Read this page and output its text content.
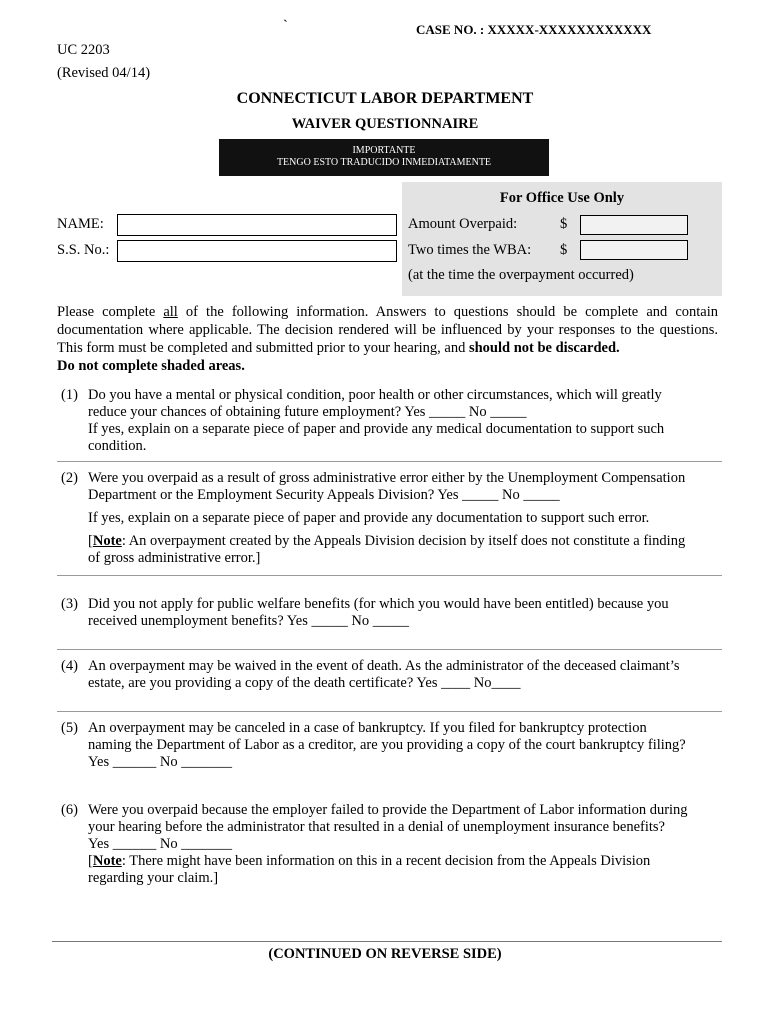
`	CASE NO. : XXXXX-XXXXXXXXXXXX
UC 2203
(Revised 04/14)
CONNECTICUT LABOR DEPARTMENT
WAIVER QUESTIONNAIRE
IMPORTANTE
TENGO ESTO TRADUCIDO INMEDIATAMENTE
For Office Use Only
Amount Overpaid:	$
Two times the WBA: $
(at the time the overpayment occurred)
NAME:
S.S. No.:
Please complete all of the following information. Answers to questions should be complete and contain documentation where applicable. The decision rendered will be influenced by your responses to the questions. This form must be completed and submitted prior to your hearing, and should not be discarded.
Do not complete shaded areas.
(1) Do you have a mental or physical condition, poor health or other circumstances, which will greatly
reduce your chances of obtaining future employment? Yes _____ No _____
If yes, explain on a separate piece of paper and provide any medical documentation to support such
condition.
(2) Were you overpaid as a result of gross administrative error either by the Unemployment Compensation
Department or the Employment Security Appeals Division? Yes _____ No _____
If yes, explain on a separate piece of paper and provide any documentation to support such error.
[Note: An overpayment created by the Appeals Division decision by itself does not constitute a finding
of gross administrative error.]
(3) Did you not apply for public welfare benefits (for which you would have been entitled) because you
received unemployment benefits? Yes _____ No _____
(4) An overpayment may be waived in the event of death. As the administrator of the deceased claimant’s
estate, are you providing a copy of the death certificate? Yes ____ No____
(5) An overpayment may be canceled in a case of bankruptcy. If you filed for bankruptcy protection
naming the Department of Labor as a creditor, are you providing a copy of the court bankruptcy filing?
Yes ______ No _______
(6) Were you overpaid because the employer failed to provide the Department of Labor information during
your hearing before the administrator that resulted in a denial of unemployment insurance benefits?
Yes ______ No _______
[Note: There might have been information on this in a recent decision from the Appeals Division
regarding your claim.]
(CONTINUED ON REVERSE SIDE)
